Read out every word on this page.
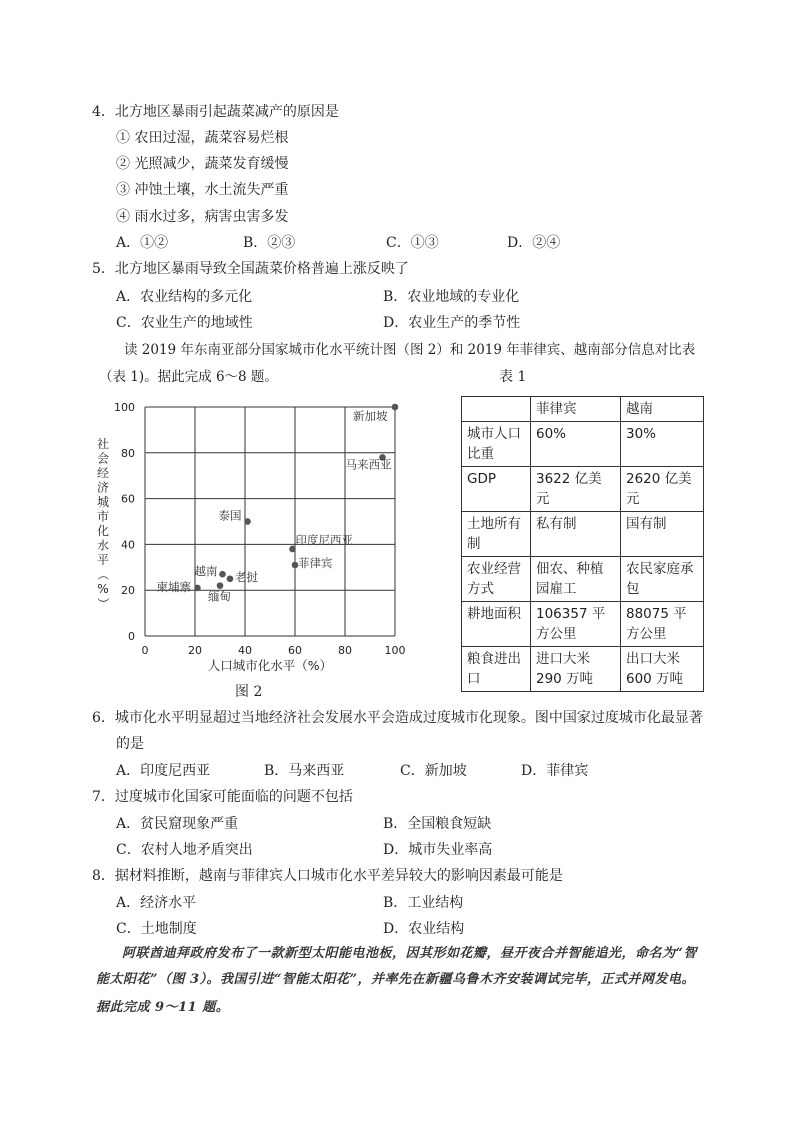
4．北方地区暴雨引起蔬菜减产的原因是
① 农田过湿，蔬菜容易烂根
② 光照减少，蔬菜发育缓慢
③ 冲蚀土壤，水土流失严重
④ 雨水过多，病害虫害多发
A．①②	B．②③	C．①③	D．②④
5．北方地区暴雨导致全国蔬菜价格普遍上涨反映了
A．农业结构的多元化	B．农业地域的专业化
C．农业生产的地域性	D．农业生产的季节性
读 2019 年东南亚部分国家城市化水平统计图（图 2）和 2019 年菲律宾、越南部分信息对比表
（表 1)。据此完成 6～8 题。	表 1
0	20	40	60	80	100
0
20
40
60
80
100
新加坡
马来西亚
泰国
印度尼西亚
菲律宾
越南 老挝
缅甸
柬埔寨
人口城市化水平（%）
社
会
经
济
城
市
化
水
平
（
%
）
图 2
	菲律宾	越南
城市人口比重	60%	30%
GDP	3622 亿美元	2620 亿美元
土地所有制	私有制	国有制
农业经营方式	佃农、种植园雇工	农民家庭承包
耕地面积	106357 平方公里	88075 平方公里
粮食进出口	进口大米 290 万吨	出口大米 600 万吨
6．城市化水平明显超过当地经济社会发展水平会造成过度城市化现象。图中国家过度城市化最显著
的是
A．印度尼西亚	B．马来西亚	C．新加坡	D．菲律宾
7．过度城市化国家可能面临的问题不包括
A．贫民窟现象严重	B．全国粮食短缺
C．农村人地矛盾突出	D．城市失业率高
8．据材料推断，越南与菲律宾人口城市化水平差异较大的影响因素最可能是
A．经济水平	B．工业结构
C．土地制度	D．农业结构
阿联酋迪拜政府发布了一款新型太阳能电池板，因其形如花瓣，昼开夜合并智能追光，命名为“智
能太阳花”（图 3）。我国引进“智能太阳花”，并率先在新疆乌鲁木齐安装调试完毕，正式并网发电。
据此完成 9～11 题。
